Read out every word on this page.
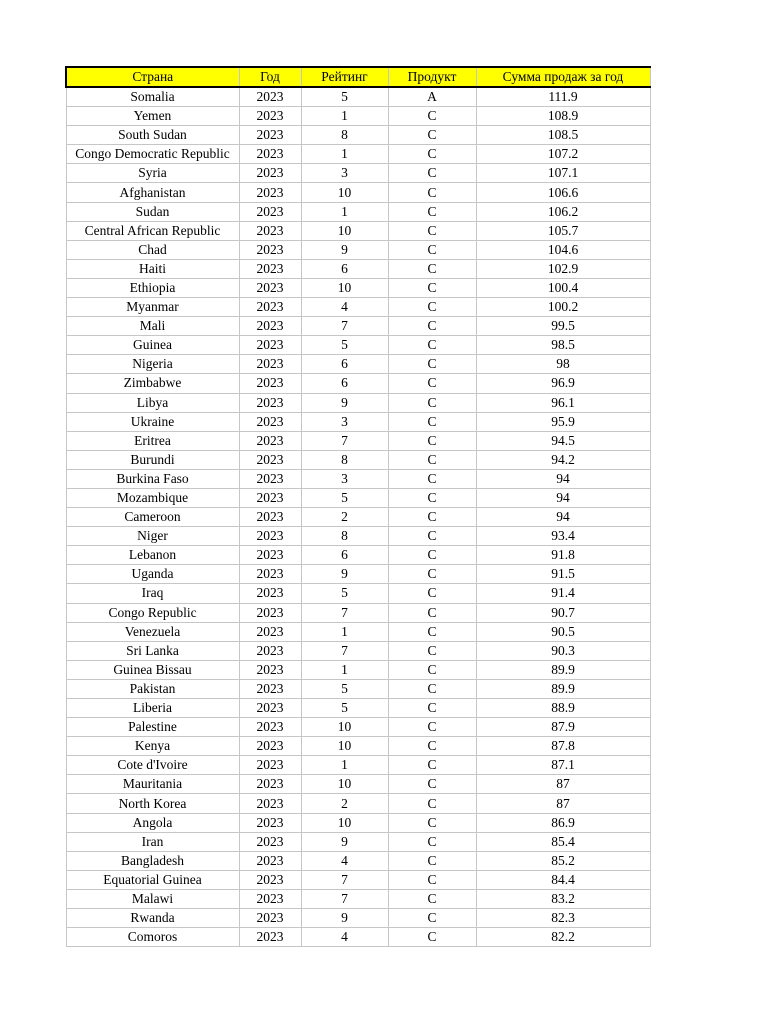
Страна	Год	Рейтинг	Продукт	Сумма продаж за год
Somalia	2023	5	A	111.9
Yemen	2023	1	C	108.9
South Sudan	2023	8	C	108.5
Congo Democratic Republic	2023	1	C	107.2
Syria	2023	3	C	107.1
Afghanistan	2023	10	C	106.6
Sudan	2023	1	C	106.2
Central African Republic	2023	10	C	105.7
Chad	2023	9	C	104.6
Haiti	2023	6	C	102.9
Ethiopia	2023	10	C	100.4
Myanmar	2023	4	C	100.2
Mali	2023	7	C	99.5
Guinea	2023	5	C	98.5
Nigeria	2023	6	C	98
Zimbabwe	2023	6	C	96.9
Libya	2023	9	C	96.1
Ukraine	2023	3	C	95.9
Eritrea	2023	7	C	94.5
Burundi	2023	8	C	94.2
Burkina Faso	2023	3	C	94
Mozambique	2023	5	C	94
Cameroon	2023	2	C	94
Niger	2023	8	C	93.4
Lebanon	2023	6	C	91.8
Uganda	2023	9	C	91.5
Iraq	2023	5	C	91.4
Congo Republic	2023	7	C	90.7
Venezuela	2023	1	C	90.5
Sri Lanka	2023	7	C	90.3
Guinea Bissau	2023	1	C	89.9
Pakistan	2023	5	C	89.9
Liberia	2023	5	C	88.9
Palestine	2023	10	C	87.9
Kenya	2023	10	C	87.8
Cote d'Ivoire	2023	1	C	87.1
Mauritania	2023	10	C	87
North Korea	2023	2	C	87
Angola	2023	10	C	86.9
Iran	2023	9	C	85.4
Bangladesh	2023	4	C	85.2
Equatorial Guinea	2023	7	C	84.4
Malawi	2023	7	C	83.2
Rwanda	2023	9	C	82.3
Comoros	2023	4	C	82.2
